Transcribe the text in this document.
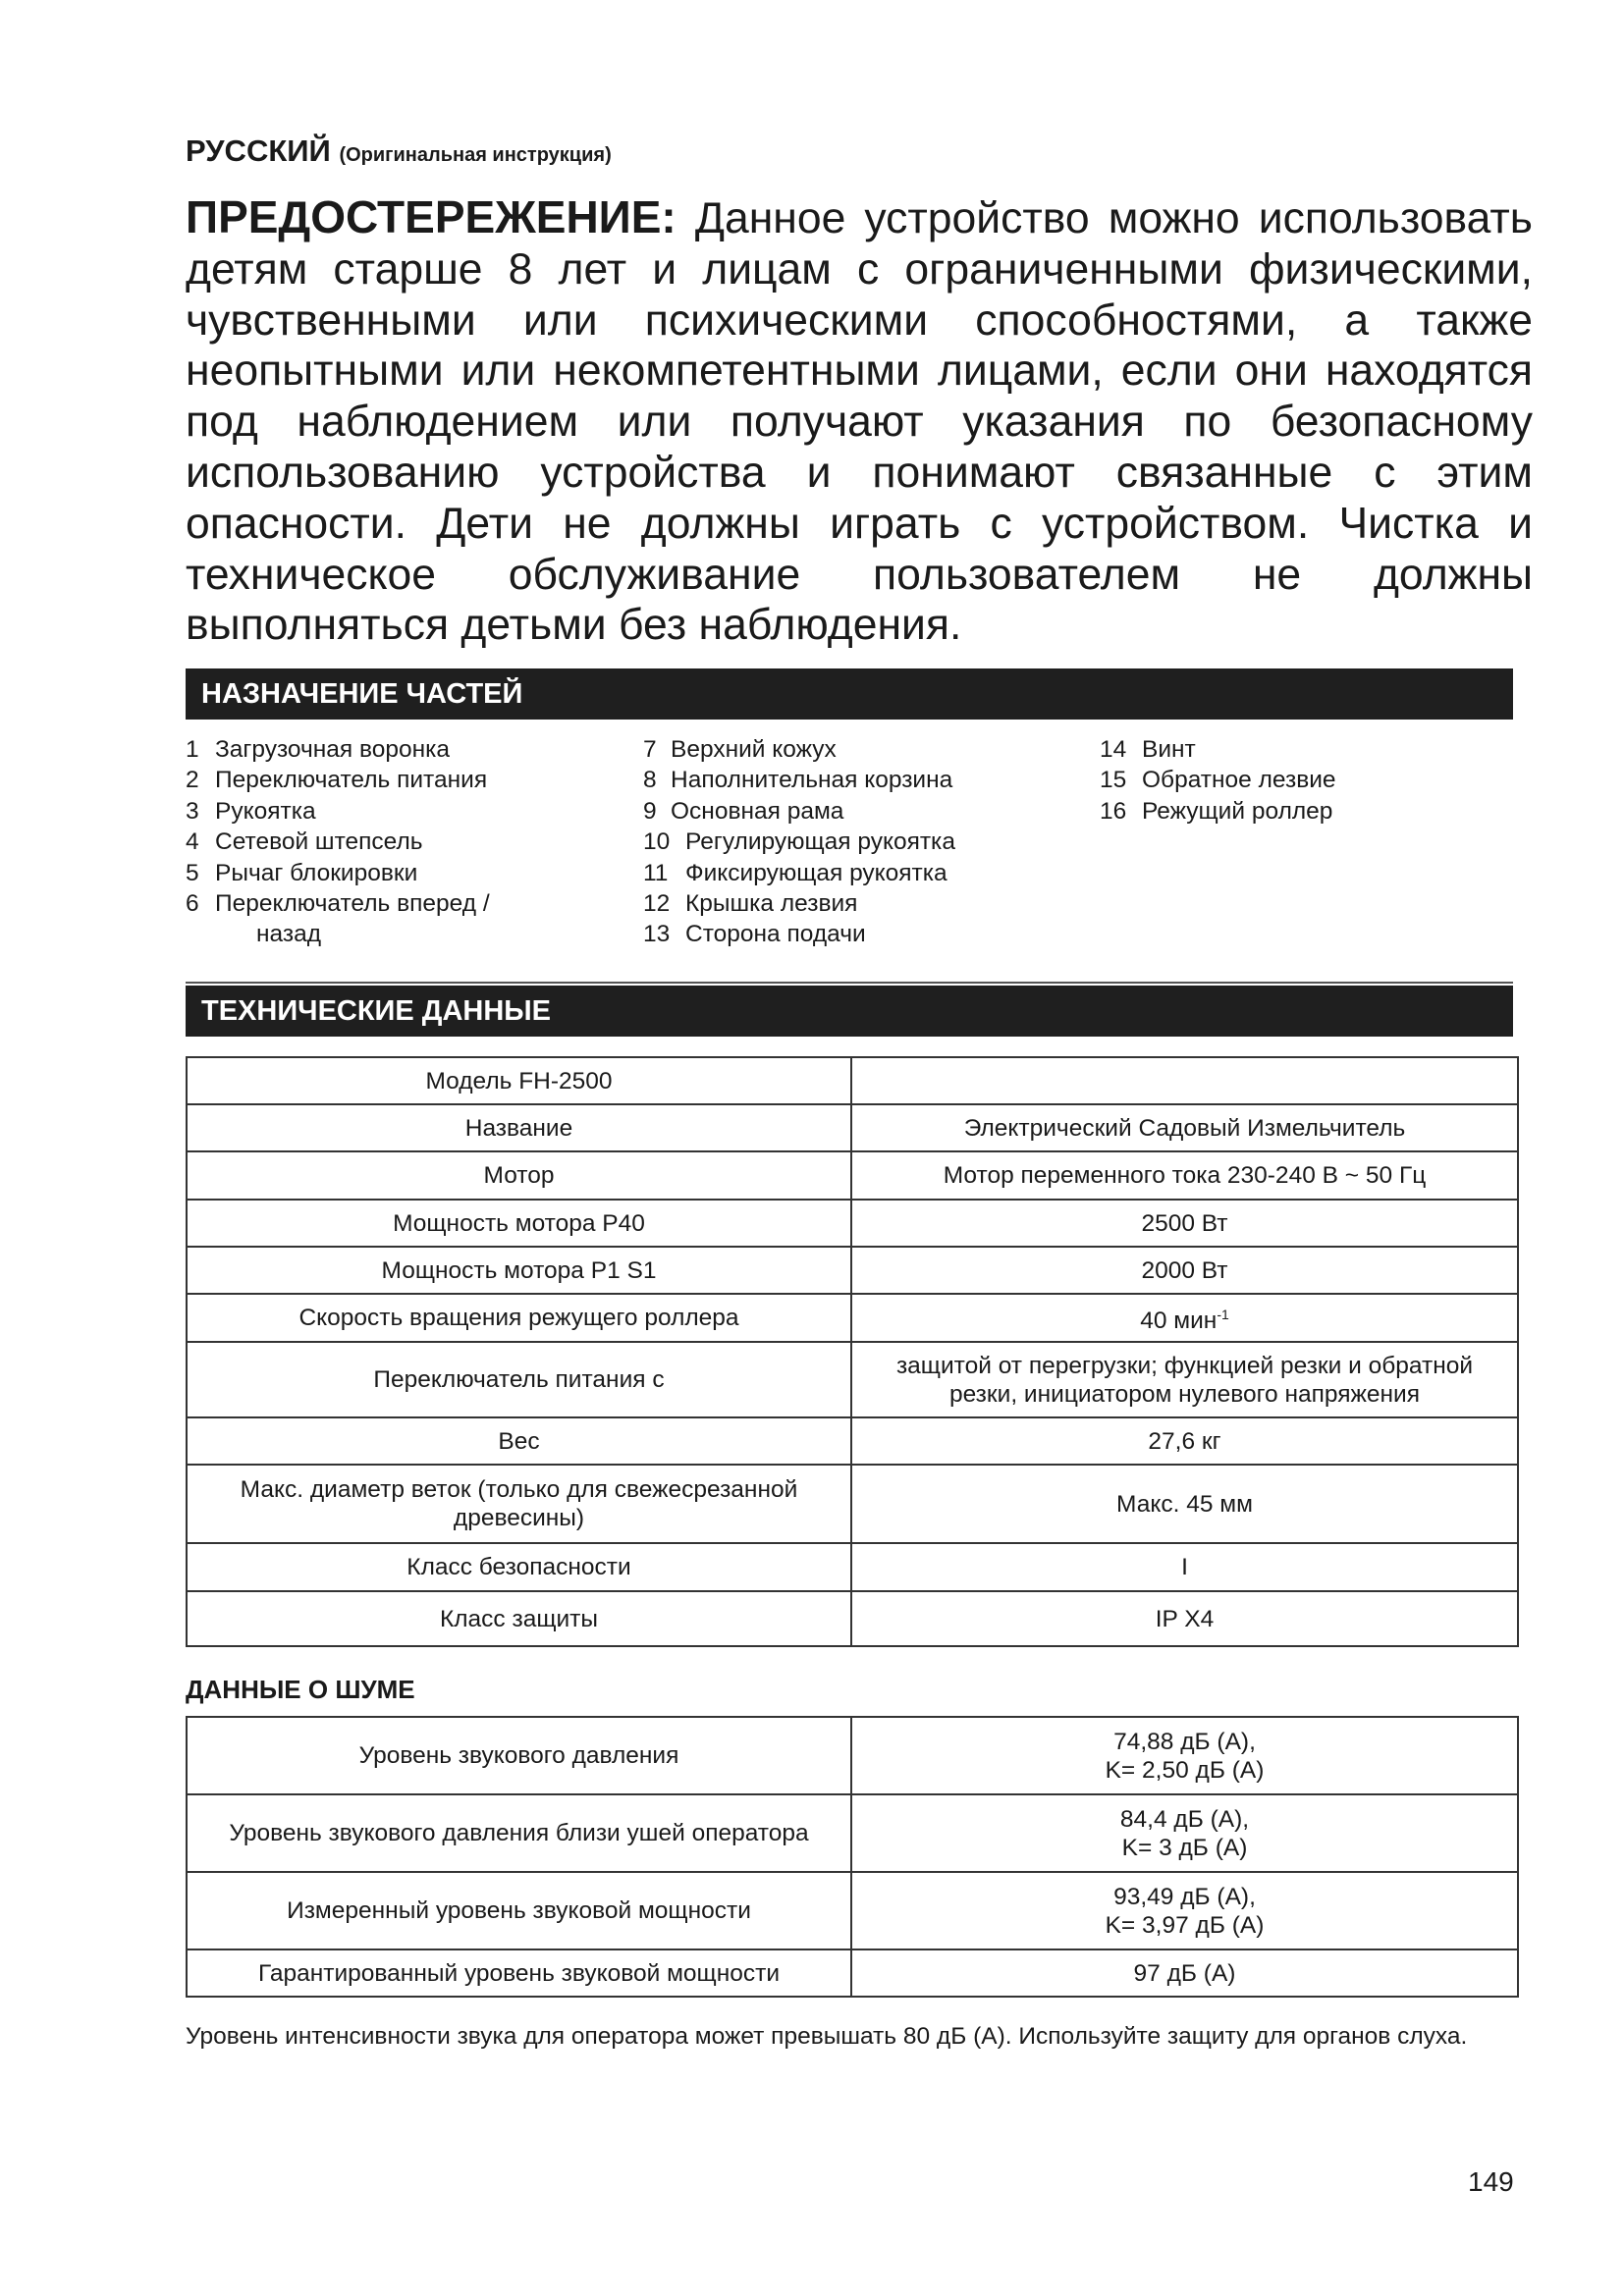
РУССКИЙ (Оригинальная инструкция)
ПРЕДОСТЕРЕЖЕНИЕ: Данное устройство можно использовать детям старше 8 лет и лицам с ограниченными физическими, чувственными или психическими способностями, а также неопытными или некомпетентными лицами, если они находятся под наблюдением или получают указания по безопасному использованию устройства и понимают связанные с этим опасности. Дети не должны играть с устройством. Чистка и техническое обслуживание пользователем не должны выполняться детьми без наблюдения.
НАЗНАЧЕНИЕ ЧАСТЕЙ
1 Загрузочная воронка
2 Переключатель питания
3 Рукоятка
4 Сетевой штепсель
5 Рычаг блокировки
6 Переключатель вперед /
назад
7 Верхний кожух
8 Наполнительная корзина
9 Основная рама
10 Регулирующая рукоятка
11 Фиксирующая рукоятка
12 Крышка лезвия
13 Сторона подачи
14 Винт
15 Обратное лезвие
16 Режущий роллер
ТЕХНИЧЕСКИЕ ДАННЫЕ
Модель FH-2500	
Название	Электрический Садовый Измельчитель
Мотор	Мотор переменного тока 230-240 В ~ 50 Гц
Мощность мотора P40	2500 Вт
Мощность мотора P1 S1	2000 Вт
Скорость вращения режущего роллера	40 мин$^{-1}$
Переключатель питания с	защитой от перегрузки; функцией резки и обратной резки, инициатором нулевого напряжения
Вес	27,6 кг
Макс. диаметр веток (только для свежесрезанной древесины)	Макс. 45 мм
Класс безопасности	I
Класс защиты	IP X4
ДАННЫЕ О ШУМЕ
Уровень звукового давления	74,88 дБ (A),
K= 2,50 дБ (A)

Уровень звукового давления близи ушей оператора	84,4 дБ (A),
K= 3 дБ (A)

Измеренный уровень звуковой мощности	93,49 дБ (A),
K= 3,97 дБ (A)

Гарантированный уровень звуковой мощности	97 дБ (A)
Уровень интенсивности звука для оператора может превышать 80 дБ (A). Используйте защиту для органов слуха.
149
